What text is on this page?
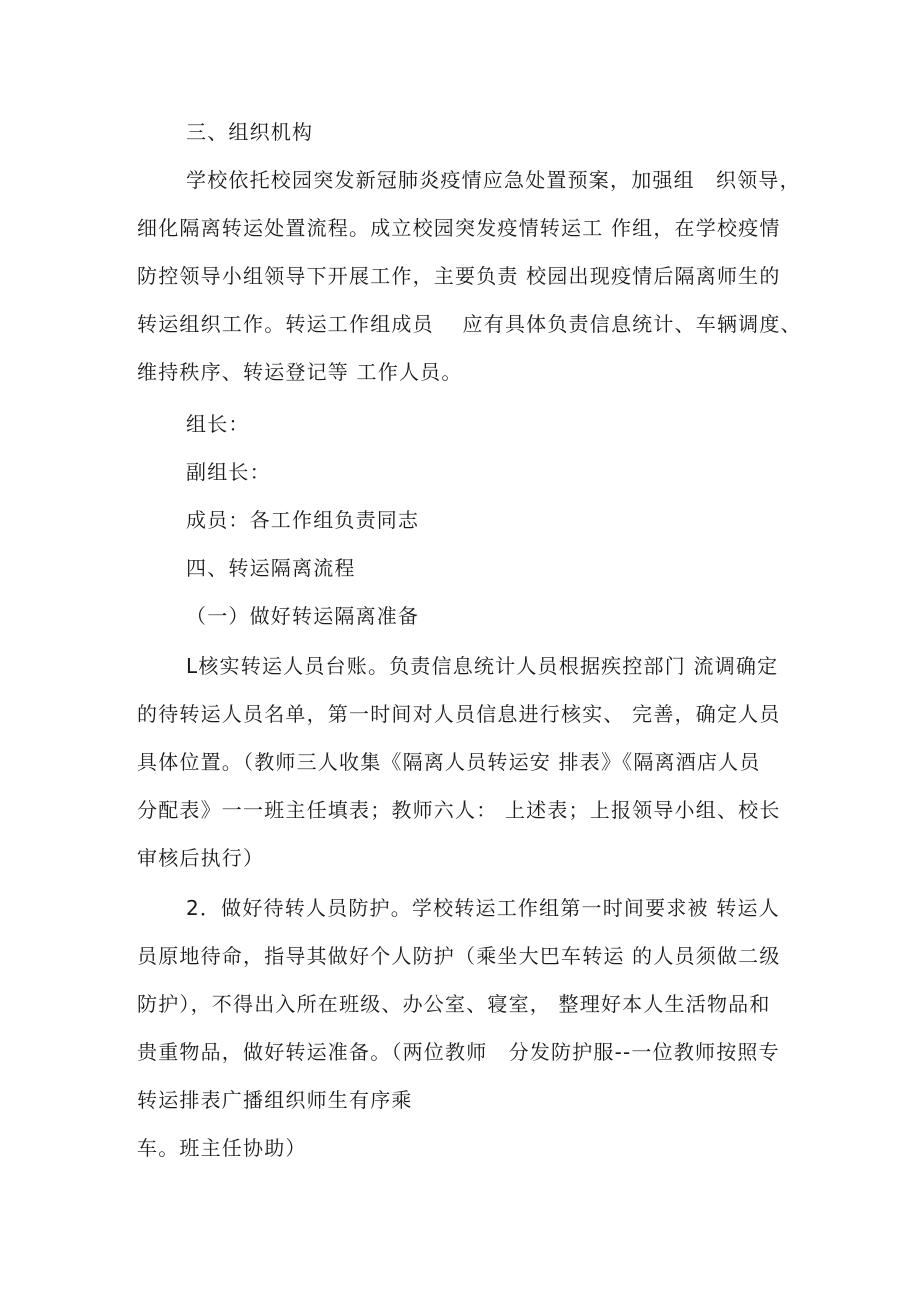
三、组织机构
学校依托校园突发新冠肺炎疫情应急处置预案，加强组　织领导，
细化隔离转运处置流程。成立校园突发疫情转运工 作组，在学校疫情
防控领导小组领导下开展工作，主要负责 校园出现疫情后隔离师生的
转运组织工作。转运工作组成员　 应有具体负责信息统计、车辆调度、
维持秩序、转运登记等 工作人员。
组长：
副组长：
成员：各工作组负责同志
四、转运隔离流程
（一）做好转运隔离准备
L核实转运人员台账。负责信息统计人员根据疾控部门 流调确定
的待转运人员名单，第一时间对人员信息进行核实、 完善，确定人员
具体位置。（教师三人收集《隔离人员转运安 排表》《隔离酒店人员
分配表》一一班主任填表；教师六人： 上述表；上报领导小组、校长
审核后执行）
2．做好待转人员防护。学校转运工作组第一时间要求被 转运人
员原地待命，指导其做好个人防护（乘坐大巴车转运 的人员须做二级
防护），不得出入所在班级、办公室、寝室， 整理好本人生活物品和
贵重物品，做好转运准备。（两位教师　分发防护服--一位教师按照专
转运排表广播组织师生有序乘
车。班主任协助）
